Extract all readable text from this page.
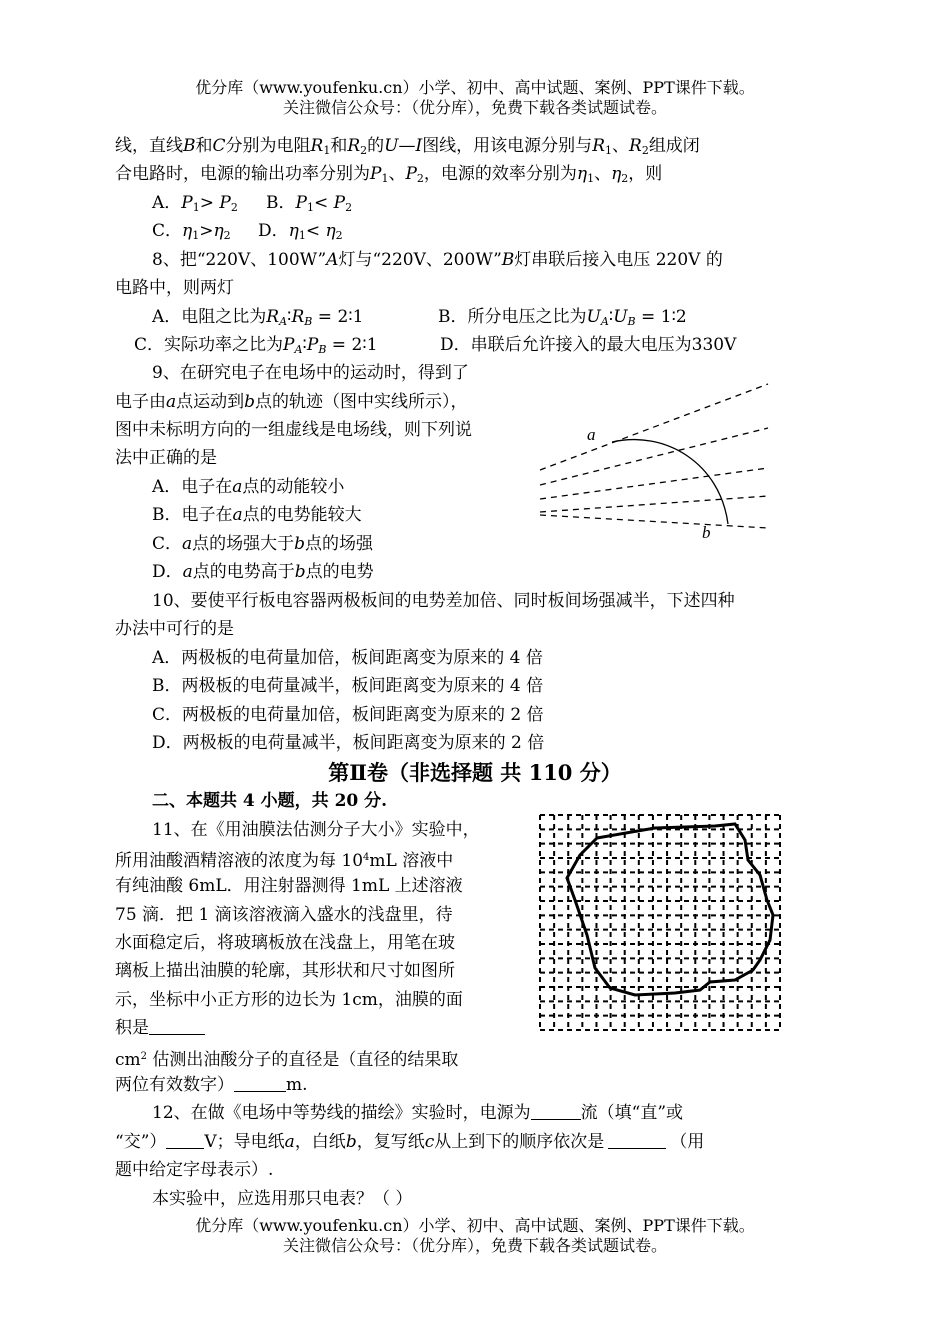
优分库（www.youfenku.cn）小学、初中、高中试题、案例、PPT课件下载。
关注微信公众号：（优分库），免费下载各类试题试卷。
线，直线B和C分别为电阻$R_1$和$R_2$的U—I图线，用该电源分别与$R_1$、$R_2$组成闭
合电路时，电源的输出功率分别为$P_1$、$P_2$，电源的效率分别为$\eta_1$、$\eta_2$，则
A．$P_1> P_2$ B．$P_1< P_2$
C．$\eta_1>\eta_2$ D．$\eta_1< \eta_2$
8、把“220V、100W”A灯与“220V、200W”B灯串联后接入电压 220V 的
电路中，则两灯
A．电阻之比为$R_A∶R_B$ = 2∶1	B．所分电压之比为$U_A∶U_B$ = 1∶2
C．实际功率之比为$P_A∶P_B$ = 2∶1	D．串联后允许接入的最大电压为330V
9、在研究电子在电场中的运动时，得到了
电子由a点运动到b点的轨迹（图中实线所示），
图中未标明方向的一组虚线是电场线，则下列说
法中正确的是
A．电子在a点的动能较小
B．电子在a点的电势能较大
C．a点的场强大于b点的场强
D．a点的电势高于b点的电势
a
b
10、要使平行板电容器两极板间的电势差加倍、同时板间场强减半，下述四种
办法中可行的是
A．两极板的电荷量加倍，板间距离变为原来的 4 倍
B．两极板的电荷量减半，板间距离变为原来的 4 倍
C．两极板的电荷量加倍，板间距离变为原来的 2 倍
D．两极板的电荷量减半，板间距离变为原来的 2 倍
第Ⅱ卷（非选择题 共 110 分）
二、本题共 4 小题，共 20 分.
11、在《用油膜法估测分子大小》实验中，
所用油酸酒精溶液的浓度为每 $10^4mL$ 溶液中
有纯油酸 6mL．用注射器测得 1mL 上述溶液
75 滴．把 1 滴该溶液滴入盛水的浅盘里，待
水面稳定后，将玻璃板放在浅盘上，用笔在玻
璃板上描出油膜的轮廓，其形状和尺寸如图所
示，坐标中小正方形的边长为 1cm，油膜的面
积是
$cm^2$ 估测出油酸分子的直径是（直径的结果取
两位有效数字）	m.
12、在做《电场中等势线的描绘》实验时，电源为	流（填“直”或
“交”） V；导电纸a，白纸b，复写纸c从上到下的顺序依次是	（用
题中给定字母表示）.
本实验中，应选用那只电表？（ ）
优分库（www.youfenku.cn）小学、初中、高中试题、案例、PPT课件下载。
关注微信公众号：（优分库），免费下载各类试题试卷。
